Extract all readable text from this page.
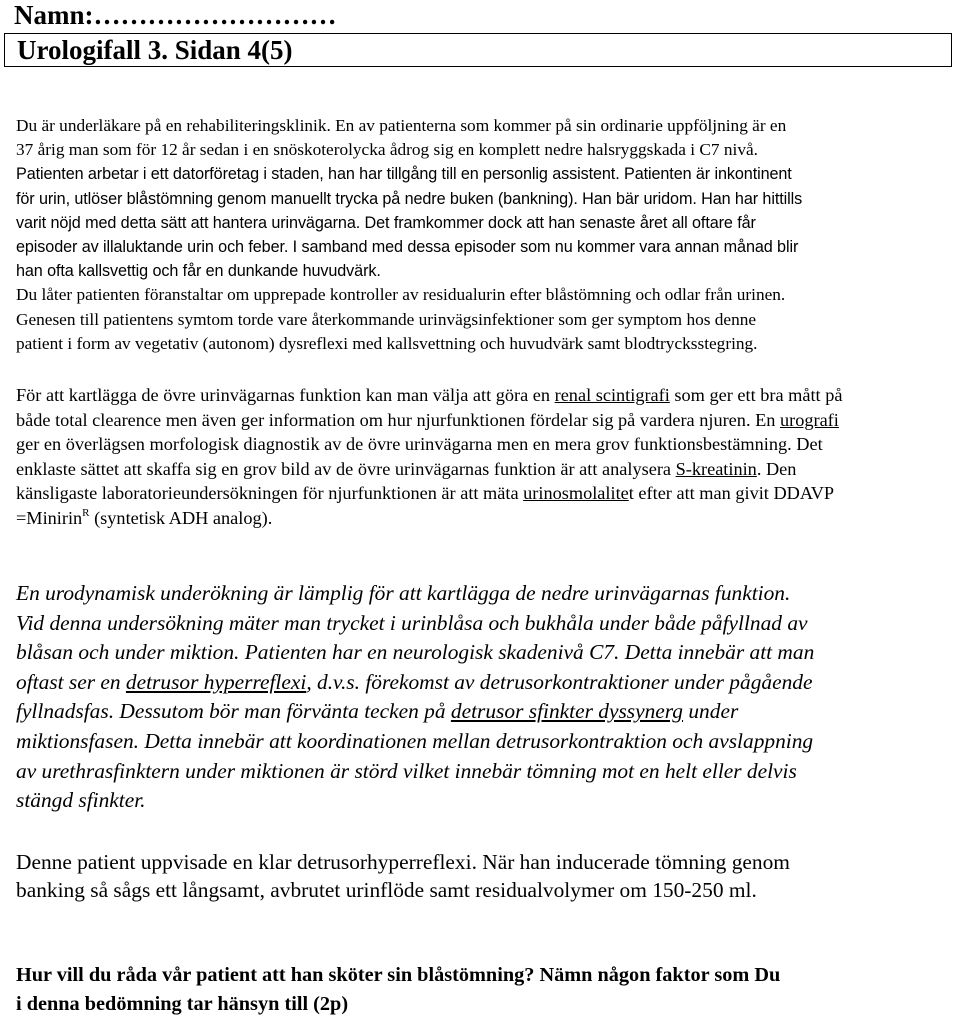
Namn:………………………
Urologifall 3. Sidan 4(5)
Du är underläkare på en rehabiliteringsklinik. En av patienterna som kommer på sin ordinarie uppföljning är en
37 årig man som för 12 år sedan i en snöskoterolycka ådrog sig en komplett nedre halsryggskada i C7 nivå.
Patienten arbetar i ett datorföretag i staden, han har tillgång till en personlig assistent. Patienten är inkontinent
för urin, utlöser blåstömning genom manuellt trycka på nedre buken (bankning). Han bär uridom. Han har hittills
varit nöjd med detta sätt att hantera urinvägarna. Det framkommer dock att han senaste året all oftare får
episoder av illaluktande urin och feber. I samband med dessa episoder som nu kommer vara annan månad blir
han ofta kallsvettig och får en dunkande huvudvärk.
Du låter patienten föranstaltar om upprepade kontroller av residualurin efter blåstömning och odlar från urinen.
Genesen till patientens symtom torde vare återkommande urinvägsinfektioner som ger symptom hos denne
patient i form av vegetativ (autonom) dysreflexi med kallsvettning och huvudvärk samt blodtrycksstegring.
För att kartlägga de övre urinvägarnas funktion kan man välja att göra en renal scintigrafi som ger ett bra mått på
både total clearence men även ger information om hur njurfunktionen fördelar sig på vardera njuren. En urografi
ger en överlägsen morfologisk diagnostik av de övre urinvägarna men en mera grov funktionsbestämning. Det
enklaste sättet att skaffa sig en grov bild av de övre urinvägarnas funktion är att analysera S-kreatinin. Den
känsligaste laboratorieundersökningen för njurfunktionen är att mäta urinosmolalitet efter att man givit DDAVP
=Minirin$^R$ (syntetisk ADH analog).
En urodynamisk underökning är lämplig för att kartlägga de nedre urinvägarnas funktion.
Vid denna undersökning mäter man trycket i urinblåsa och bukhåla under både påfyllnad av
blåsan och under miktion. Patienten har en neurologisk skadenivå C7. Detta innebär att man
oftast ser en detrusor hyperreflexi, d.v.s. förekomst av detrusorkontraktioner under pågående
fyllnadsfas. Dessutom bör man förvänta tecken på detrusor sfinkter dyssynerg under
miktionsfasen. Detta innebär att koordinationen mellan detrusorkontraktion och avslappning
av urethrasfinktern under miktionen är störd vilket innebär tömning mot en helt eller delvis
stängd sfinkter.
Denne patient uppvisade en klar detrusorhyperreflexi. När han inducerade tömning genom
banking så sågs ett långsamt, avbrutet urinflöde samt residualvolymer om 150-250 ml.
Hur vill du råda vår patient att han sköter sin blåstömning? Nämn någon faktor som Du
i denna bedömning tar hänsyn till (2p)
